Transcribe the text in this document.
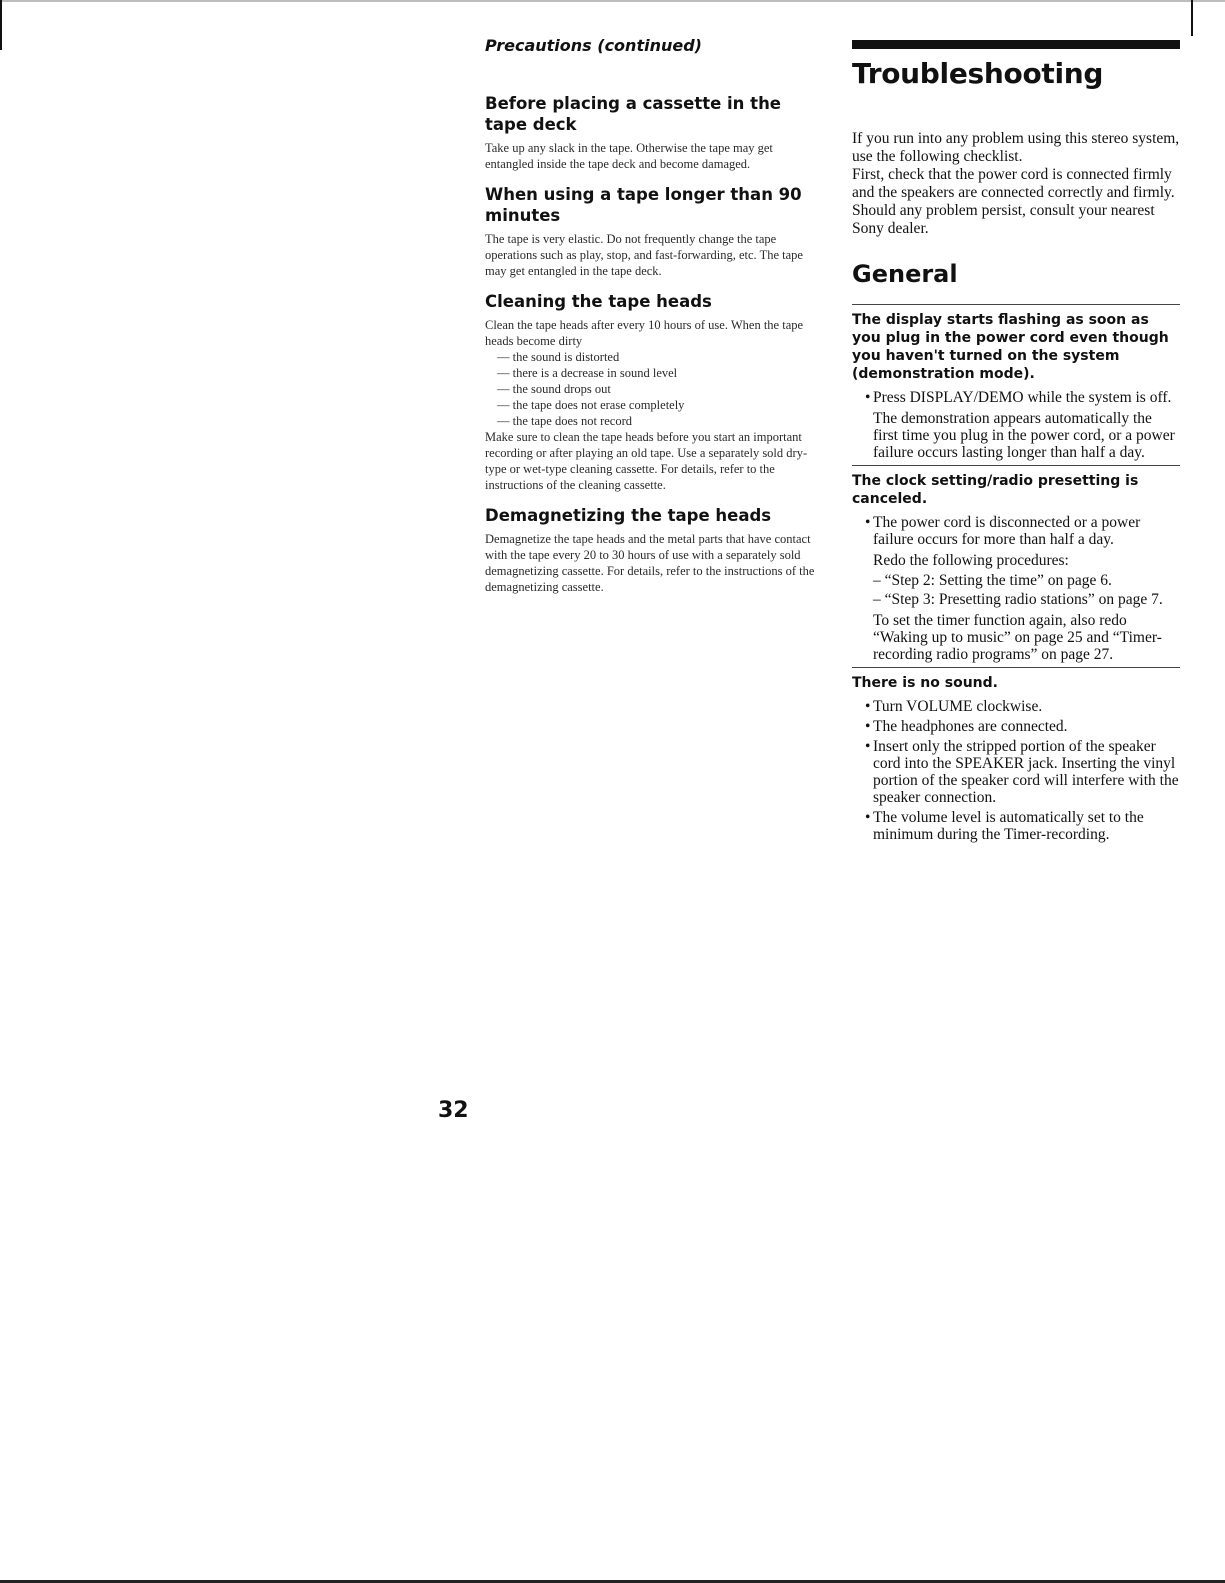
Precautions (continued)
Before placing a cassette in the tape deck

Take up any slack in the tape. Otherwise the tape may get entangled inside the tape deck and become damaged.

When using a tape longer than 90 minutes

The tape is very elastic. Do not frequently change the tape operations such as play, stop, and fast-forwarding, etc. The tape may get entangled in the tape deck.

Cleaning the tape heads

Clean the tape heads after every 10 hours of use. When the tape heads become dirty

— the sound is distorted
— there is a decrease in sound level
— the sound drops out
— the tape does not erase completely
— the tape does not record

Make sure to clean the tape heads before you start an important recording or after playing an old tape. Use a separately sold dry-type or wet-type cleaning cassette. For details, refer to the instructions of the cleaning cassette.

Demagnetizing the tape heads

Demagnetize the tape heads and the metal parts that have contact with the tape every 20 to 30 hours of use with a separately sold demagnetizing cassette. For details, refer to the instructions of the demagnetizing cassette.

Troubleshooting

If you run into any problem using this stereo system, use the following checklist.

First, check that the power cord is connected firmly and the speakers are connected correctly and firmly.

Should any problem persist, consult your nearest Sony dealer.

General
The display starts flashing as soon as you plug in the power cord even though you haven't turned on the system (demonstration mode).
• Press DISPLAY/DEMO while the system is off.
The demonstration appears automatically the first time you plug in the power cord, or a power failure occurs lasting longer than half a day.
The clock setting/radio presetting is canceled.
• The power cord is disconnected or a power failure occurs for more than half a day.
Redo the following procedures:
– “Step 2: Setting the time” on page 6.
– “Step 3: Presetting radio stations” on page 7.
To set the timer function again, also redo “Waking up to music” on page 25 and “Timer-recording radio programs” on page 27.
There is no sound.
• Turn VOLUME clockwise.
• The headphones are connected.
• Insert only the stripped portion of the speaker cord into the SPEAKER jack. Inserting the vinyl portion of the speaker cord will interfere with the speaker connection.
• The volume level is automatically set to the minimum during the Timer-recording.
32
